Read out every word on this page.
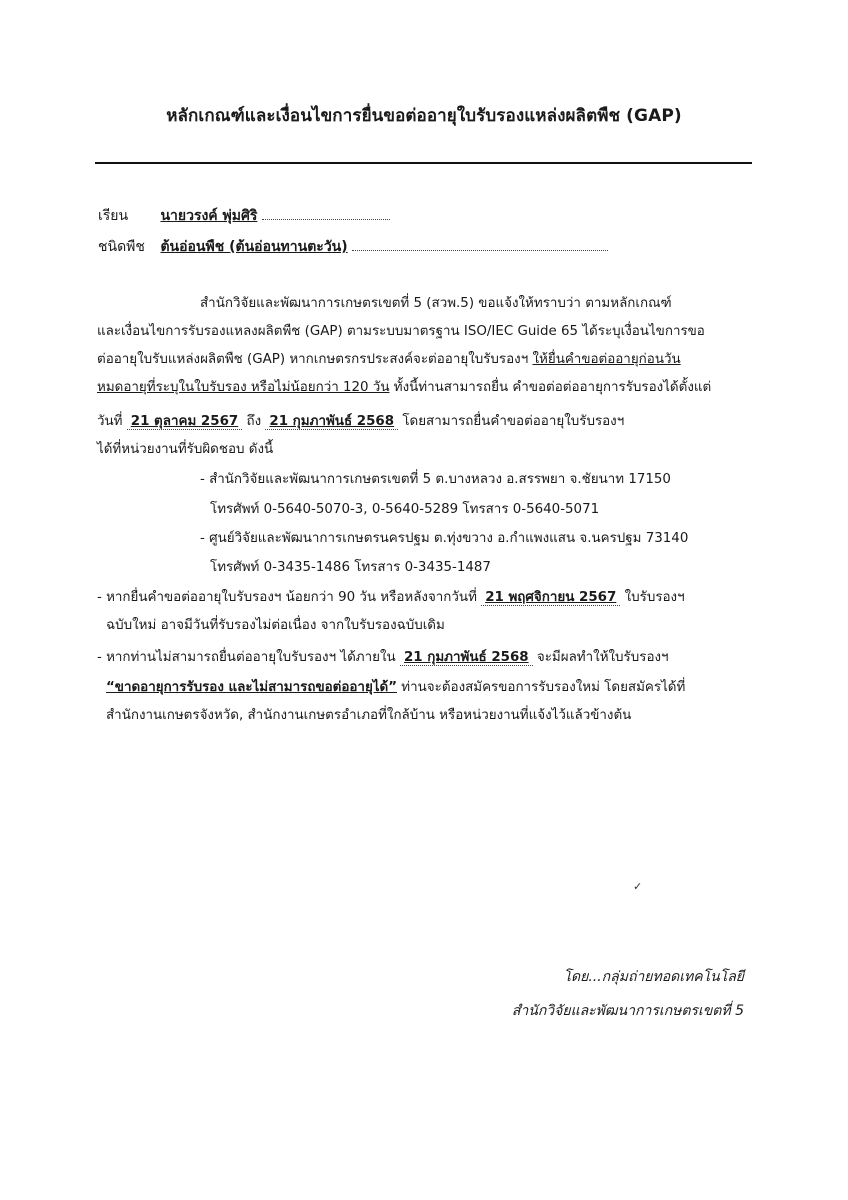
หลักเกณฑ์และเงื่อนไขการยื่นขอต่ออายุใบรับรองแหล่งผลิตพืช (GAP)
เรียน นายวรงค์ พุ่มศิริ
ชนิดพืช ต้นอ่อนพืช (ต้นอ่อนทานตะวัน)
สำนักวิจัยและพัฒนาการเกษตรเขตที่ 5 (สวพ.5) ขอแจ้งให้ทราบว่า ตามหลักเกณฑ์
และเงื่อนไขการรับรองแหลงผลิตพืช (GAP) ตามระบบมาตรฐาน ISO/IEC Guide 65 ได้ระบุเงื่อนไขการขอ
ต่ออายุใบรับแหล่งผลิตพืช (GAP) หากเกษตรกรประสงค์จะต่ออายุใบรับรองฯ ให้ยื่นคำขอต่ออายุก่อนวัน
หมดอายุที่ระบุในใบรับรอง หรือไม่น้อยกว่า 120 วัน ทั้งนี้ท่านสามารถยื่น คำขอต่อต่ออายุการรับรองได้ตั้งแต่
วันที่ 21 ตุลาคม 2567 ถึง 21 กุมภาพันธ์ 2568 โดยสามารถยื่นคำขอต่ออายุใบรับรองฯ
ได้ที่หน่วยงานที่รับผิดชอบ ดังนี้
- สำนักวิจัยและพัฒนาการเกษตรเขตที่ 5 ต.บางหลวง อ.สรรพยา จ.ชัยนาท 17150
โทรศัพท์ 0-5640-5070-3, 0-5640-5289 โทรสาร 0-5640-5071
- ศูนย์วิจัยและพัฒนาการเกษตรนครปฐม ต.ทุ่งขวาง อ.กำแพงแสน จ.นครปฐม 73140
โทรศัพท์ 0-3435-1486 โทรสาร 0-3435-1487
- หากยื่นคำขอต่ออายุใบรับรองฯ น้อยกว่า 90 วัน หรือหลังจากวันที่ 21 พฤศจิกายน 2567 ใบรับรองฯ
ฉบับใหม่ อาจมีวันที่รับรองไม่ต่อเนื่อง จากใบรับรองฉบับเดิม
- หากท่านไม่สามารถยื่นต่ออายุใบรับรองฯ ได้ภายใน 21 กุมภาพันธ์ 2568 จะมีผลทำให้ใบรับรองฯ
“ขาดอายุการรับรอง และไม่สามารถขอต่ออายุได้” ท่านจะต้องสมัครขอการรับรองใหม่ โดยสมัครได้ที่
สำนักงานเกษตรจังหวัด, สำนักงานเกษตรอำเภอที่ใกล้บ้าน หรือหน่วยงานที่แจ้งไว้แล้วข้างต้น
✓
โดย...กลุ่มถ่ายทอดเทคโนโลยี
สำนักวิจัยและพัฒนาการเกษตรเขตที่ 5
